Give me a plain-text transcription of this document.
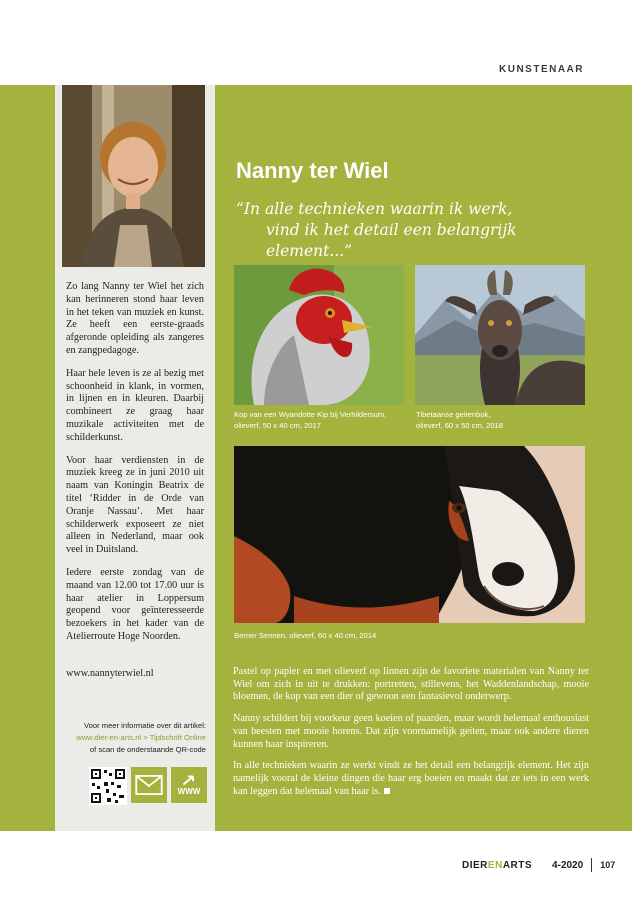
KUNSTENAAR

Zo lang Nanny ter Wiel het zich kan herinneren stond haar leven in het teken van muziek en kunst. Ze heeft een eerste-graads afgeronde opleiding als zangeres en zangpedagoge.

Haar hele leven is ze al bezig met schoonheid in klank, in vormen, in lijnen en in kleuren. Daarbij combineert ze graag haar muzikale activiteiten met de schilderkunst.

Voor haar verdiensten in de muziek kreeg ze in juni 2010 uit naam van Koningin Beatrix de titel ‘Ridder in de Orde van Oranje Nassau’. Met haar schilderwerk exposeert ze niet alleen in Nederland, maar ook veel in Duitsland.

Iedere eerste zondag van de maand van 12.00 tot 17.00 uur is haar atelier in Loppersum geopend voor geïnteresseerde bezoekers in het kader van de Atelierroute Hoge Noorden.

www.nannyterwiel.nl
Voor meer informatie over dit artikel:
www.dier-en-arts.nl > Tijdschrift Online
of scan de onderstaande QR-code
WWW
Nanny ter Wiel
“In alle technieken waarin ik werk,
vind ik het detail een belangrijk element...”
Kop van een Wyandotte Kip bij Verhildersum,
olieverf, 50 x 40 cm, 2017
Tibetaanse geitenbok,
olieverf, 60 x 50 cm, 2018
Berner Sennen, olieverf, 60 x 40 cm, 2014

Pastel op papier en met olieverf op linnen zijn de favoriete materialen van Nanny ter Wiel om zich in uit te drukken: portretten, stillevens, het Waddenlandschap, mooie bloemen, de kop van een dier of gewoon een fantasievol onderwerp.

Nanny schildert bij voorkeur geen koeien of paarden, maar wordt helemaal enthousiast van beesten met mooie horens. Dat zijn voornamelijk geiten, maar ook andere dieren kunnen haar inspireren.

In alle technieken waarin ze werkt vindt ze het detail een belangrijk element. Het zijn namelijk vooral de kleine dingen die haar erg boeien en maakt dat ze iets in een werk kan leggen dat helemaal van haar is.

DIERENARTS 4-2020 107
